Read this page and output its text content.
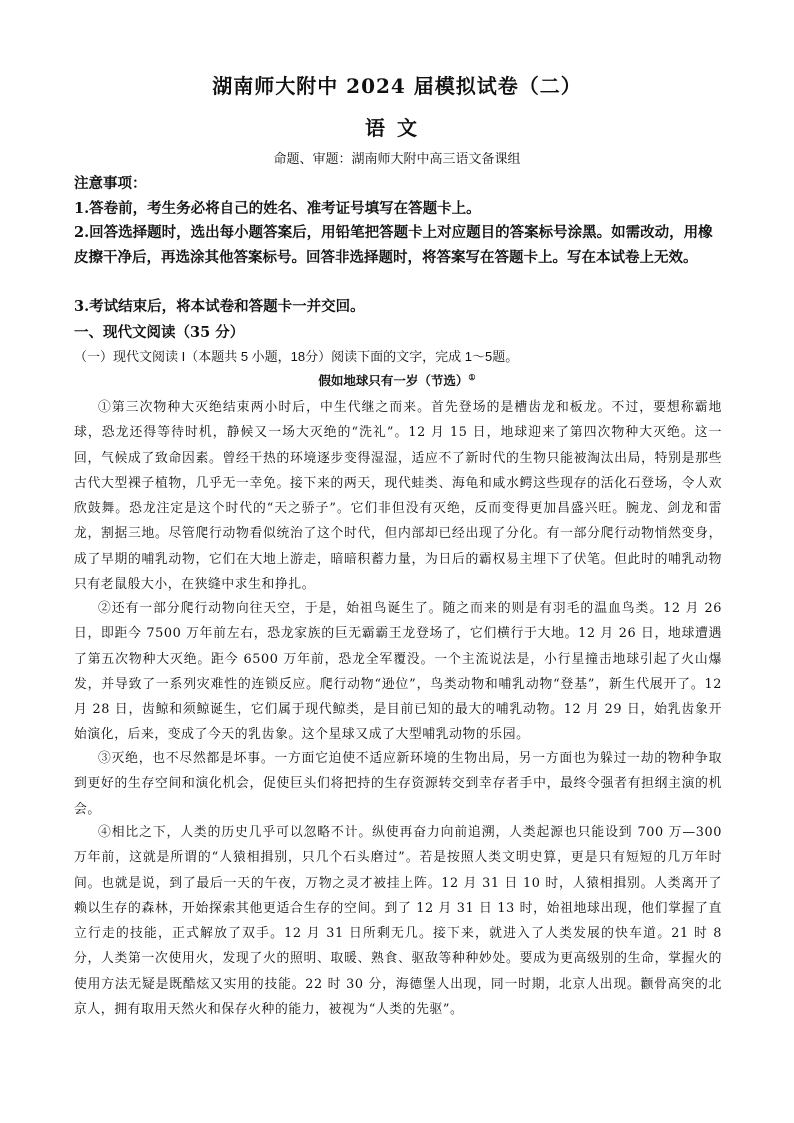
湖南师大附中 2024 届模拟试卷（二）
语文
命题、审题：湖南师大附中高三语文备课组
注意事项：
1.答卷前，考生务必将自己的姓名、准考证号填写在答题卡上。
2.回答选择题时，选出每小题答案后，用铅笔把答题卡上对应题目的答案标号涂黑。如需改动，用橡皮擦干净后，再选涂其他答案标号。回答非选择题时，将答案写在答题卡上。写在本试卷上无效。
3.考试结束后，将本试卷和答题卡一并交回。
一、现代文阅读（35 分）
（一）现代文阅读 I（本题共 5 小题，18分）阅读下面的文字，完成 1～5题。
假如地球只有一岁（节选）①
①第三次物种大灭绝结束两小时后，中生代继之而来。首先登场的是槽齿龙和板龙。不过，要想称霸地球，恐龙还得等待时机，静候又一场大灭绝的“洗礼”。12 月 15 日，地球迎来了第四次物种大灭绝。这一回，气候成了致命因素。曾经干热的环境逐步变得湿湿，适应不了新时代的生物只能被淘汰出局，特别是那些古代大型裸子植物，几乎无一幸免。接下来的两天，现代蛙类、海龟和咸水鳄这些现存的活化石登场，令人欢欣鼓舞。恐龙注定是这个时代的“天之骄子”。它们非但没有灭绝，反而变得更加昌盛兴旺。腕龙、剑龙和雷龙，割据三地。尽管爬行动物看似统治了这个时代，但内部却已经出现了分化。有一部分爬行动物悄然变身，成了早期的哺乳动物，它们在大地上游走，暗暗积蓄力量，为日后的霸权易主埋下了伏笔。但此时的哺乳动物只有老鼠般大小，在狭缝中求生和挣扎。
②还有一部分爬行动物向往天空，于是，始祖鸟诞生了。随之而来的则是有羽毛的温血鸟类。12 月 26 日，即距今 7500 万年前左右，恐龙家族的巨无霸霸王龙登场了，它们横行于大地。12 月 26 日，地球遭遇了第五次物种大灭绝。距今 6500 万年前，恐龙全军覆没。一个主流说法是，小行星撞击地球引起了火山爆发，并导致了一系列灾难性的连锁反应。爬行动物“逊位”，鸟类动物和哺乳动物“登基”，新生代展开了。12 月 28 日，齿鲸和须鲸诞生，它们属于现代鲸类，是目前已知的最大的哺乳动物。12 月 29 日，始乳齿象开始演化，后来，变成了今天的乳齿象。这个星球又成了大型哺乳动物的乐园。
③灭绝，也不尽然都是坏事。一方面它迫使不适应新环境的生物出局，另一方面也为躲过一劫的物种争取到更好的生存空间和演化机会，促使巨头们将把持的生存资源转交到幸存者手中，最终令强者有担纲主演的机会。
④相比之下，人类的历史几乎可以忽略不计。纵使再奋力向前追溯，人类起源也只能设到 700 万—300 万年前，这就是所谓的“人猿相揖别，只几个石头磨过”。若是按照人类文明史算，更是只有短短的几万年时间。也就是说，到了最后一天的午夜，万物之灵才被挂上阵。12 月 31 日 10 时，人猿相揖别。人类离开了赖以生存的森林，开始探索其他更适合生存的空间。到了 12 月 31 日 13 时，始祖地球出现，他们掌握了直立行走的技能，正式解放了双手。12 月 31 日所剩无几。接下来，就进入了人类发展的快车道。21 时 8 分，人类第一次使用火，发现了火的照明、取暖、熟食、驱敌等种种妙处。要成为更高级别的生命，掌握火的使用方法无疑是既酷炫又实用的技能。22 时 30 分，海德堡人出现，同一时期，北京人出现。颧骨高突的北京人，拥有取用天然火和保存火种的能力，被视为“人类的先驱”。
